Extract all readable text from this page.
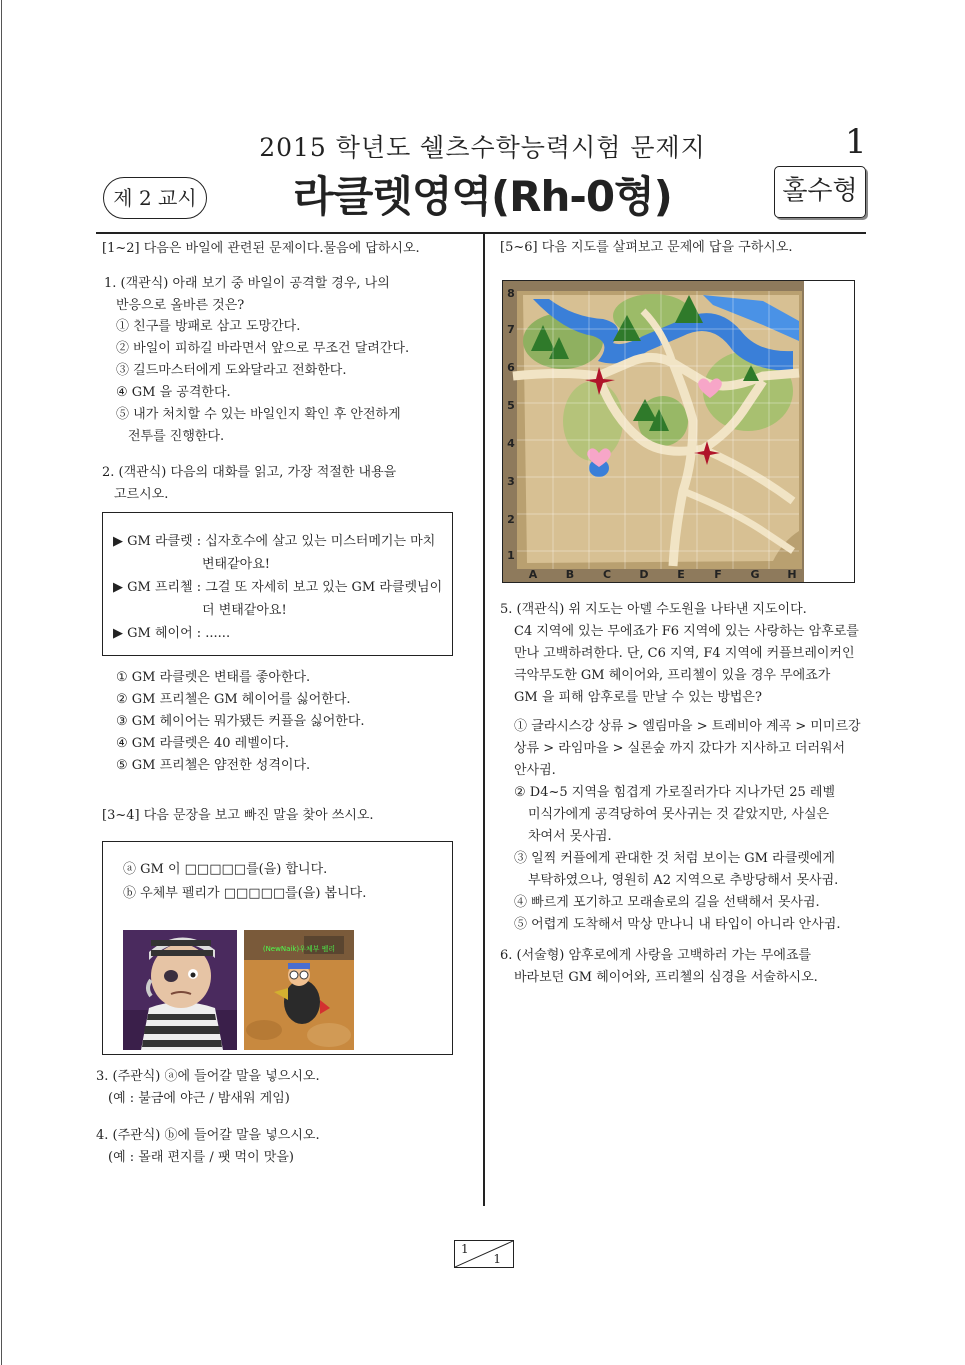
2015 학년도 쉘츠수학능력시험 문제지	1
제 2 교시	라클렛영역(Rh-0형)	홀수형
[1~2] 다음은 바일에 관련된 문제이다.물음에 답하시오.
1. (객관식) 아래 보기 중 바일이 공격할 경우, 나의
반응으로 올바른 것은?
① 친구를 방패로 삼고 도망간다.
② 바일이 피하길 바라면서 앞으로 무조건 달려간다.
③ 길드마스터에게 도와달라고 전화한다.
④ GM 을 공격한다.
⑤ 내가 처치할 수 있는 바일인지 확인 후 안전하게
전투를 진행한다.
2. (객관식) 다음의 대화를 읽고, 가장 적절한 내용을
고르시오.
▶ GM 라클렛 : 십자호수에 살고 있는 미스터메기는 마치
변태같아요!
▶ GM 프리첼 : 그걸 또 자세히 보고 있는 GM 라클렛님이
더 변태같아요!
▶ GM 헤이어 : ......
① GM 라클렛은 변태를 좋아한다.
② GM 프리첼은 GM 헤이어를 싫어한다.
③ GM 헤이어는 뭐가됐든 커플을 싫어한다.
④ GM 라클렛은 40 레벨이다.
⑤ GM 프리첼은 얌전한 성격이다.
[3~4] 다음 문장을 보고 빠진 말을 찾아 쓰시오.
ⓐ GM 이 □□□□□를(을) 합니다.
ⓑ 우체부 펠리가 □□□□□를(을) 봅니다.
(NewNaik)우체부 펠리
3. (주관식) ⓐ에 들어갈 말을 넣으시오.
(예 : 불금에 야근 / 밤새워 게임)
4. (주관식) ⓑ에 들어갈 말을 넣으시오.
(예 : 몰래 편지를 / 팻 먹이 맛을)
[5~6] 다음 지도를 살펴보고 문제에 답을 구하시오.
8
7
6
5
4
3
2
1
A	B	C	D	E	F	G	H
5. (객관식) 위 지도는 아델 수도원을 나타낸 지도이다.
C4 지역에 있는 무에죠가 F6 지역에 있는 사랑하는 암후로를
만나 고백하려한다. 단, C6 지역, F4 지역에 커플브레이커인
극악무도한 GM 헤이어와, 프리첼이 있을 경우 무에죠가
GM 을 피해 암후로를 만날 수 있는 방법은?
① 글라시스강 상류 > 엘림마을 > 트레비아 계곡 > 미미르강
상류 > 라임마을 > 실론숲 까지 갔다가 지사하고 더러워서
안사귐.
② D4~5 지역을 힘겹게 가로질러가다 지나가던 25 레벨
미식가에게 공격당하여 못사귀는 것 같았지만, 사실은
차여서 못사귐.
③ 일찍 커플에게 관대한 것 처럼 보이는 GM 라클렛에게
부탁하였으나, 영원히 A2 지역으로 추방당해서 못사귐.
④ 빠르게 포기하고 모래솔로의 길을 선택해서 못사귐.
⑤ 어렵게 도착해서 막상 만나니 내 타입이 아니라 안사귐.
6. (서술형) 암후로에게 사랑을 고백하러 가는 무에죠를
바라보던 GM 헤이어와, 프리첼의 심경을 서술하시오.
1
1
